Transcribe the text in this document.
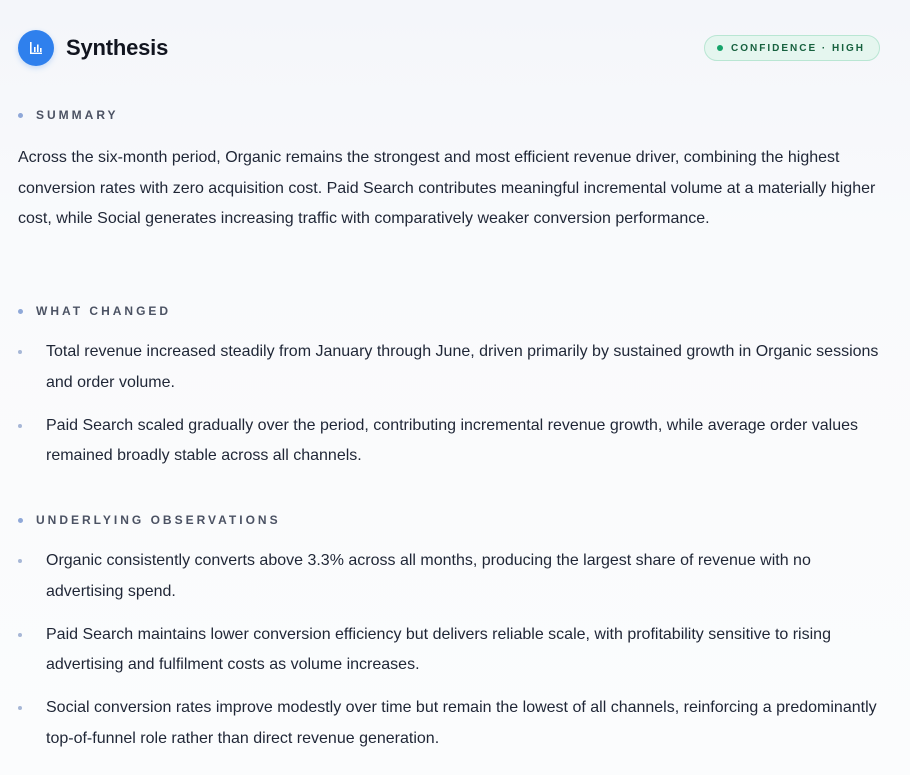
Synthesis	CONFIDENCE · HIGH
SUMMARY

Across the six-month period, Organic remains the strongest and most efficient revenue driver, combining the highest conversion rates with zero acquisition cost. Paid Search contributes meaningful incremental volume at a materially higher cost, while Social generates increasing traffic with comparatively weaker conversion performance.

WHAT CHANGED
Total revenue increased steadily from January through June, driven primarily by sustained growth in Organic sessions and order volume.
Paid Search scaled gradually over the period, contributing incremental revenue growth, while average order values remained broadly stable across all channels.
UNDERLYING OBSERVATIONS
Organic consistently converts above 3.3% across all months, producing the largest share of revenue with no advertising spend.
Paid Search maintains lower conversion efficiency but delivers reliable scale, with profitability sensitive to rising advertising and fulfilment costs as volume increases.
Social conversion rates improve modestly over time but remain the lowest of all channels, reinforcing a predominantly top-of-funnel role rather than direct revenue generation.
